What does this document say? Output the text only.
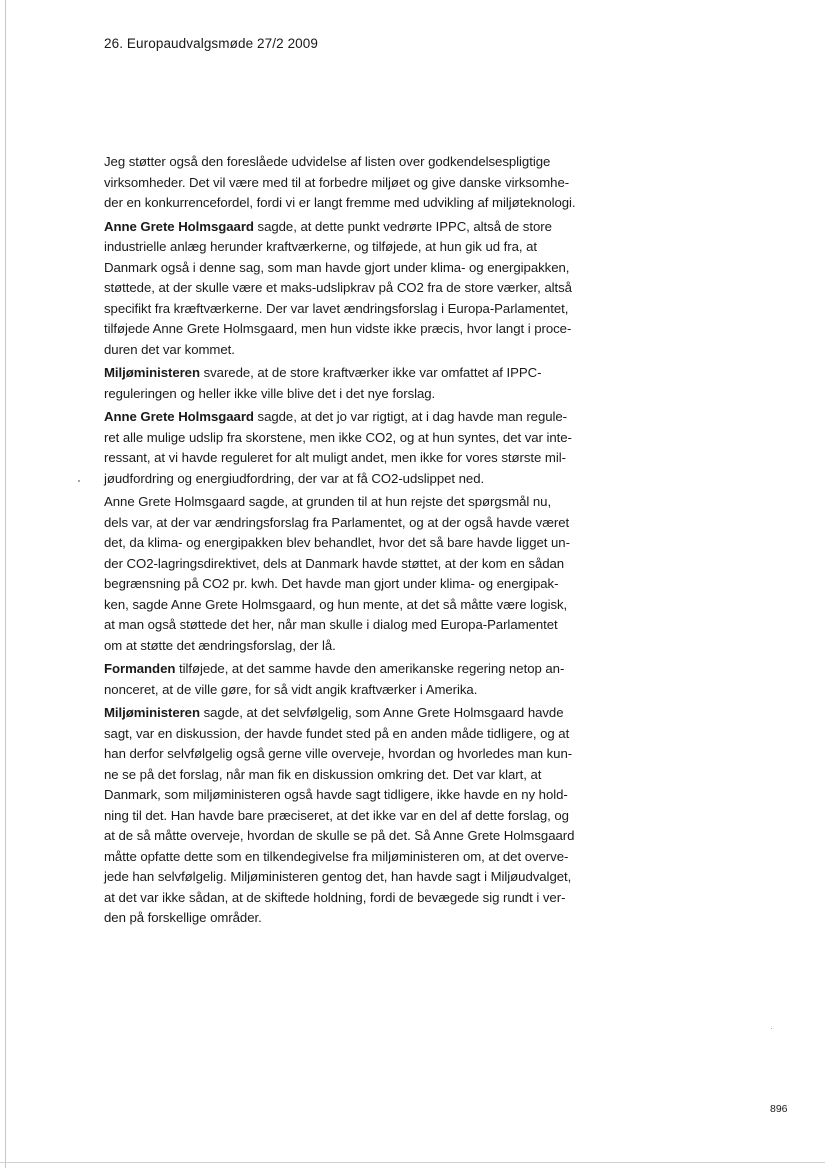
26. Europaudvalgsmøde 27/2 2009

Jeg støtter også den foreslåede udvidelse af listen over godkendelsespligtige
virksomheder. Det vil være med til at forbedre miljøet og give danske virksomhe-
der en konkurrencefordel, fordi vi er langt fremme med udvikling af miljøteknologi.

Anne Grete Holmsgaard sagde, at dette punkt vedrørte IPPC, altså de store
industrielle anlæg herunder kraftværkerne, og tilføjede, at hun gik ud fra, at
Danmark også i denne sag, som man havde gjort under klima- og energipakken,
støttede, at der skulle være et maks-udslipkrav på CO2 fra de store værker, altså
specifikt fra kræftværkerne. Der var lavet ændringsforslag i Europa-Parlamentet,
tilføjede Anne Grete Holmsgaard, men hun vidste ikke præcis, hvor langt i proce-
duren det var kommet.

Miljøministeren svarede, at de store kraftværker ikke var omfattet af IPPC-
reguleringen og heller ikke ville blive det i det nye forslag.

Anne Grete Holmsgaard sagde, at det jo var rigtigt, at i dag havde man regule-
ret alle mulige udslip fra skorstene, men ikke CO2, og at hun syntes, det var inte-
ressant, at vi havde reguleret for alt muligt andet, men ikke for vores største mil-
jøudfordring og energiudfordring, der var at få CO2-udslippet ned.

Anne Grete Holmsgaard sagde, at grunden til at hun rejste det spørgsmål nu,
dels var, at der var ændringsforslag fra Parlamentet, og at der også havde været
det, da klima- og energipakken blev behandlet, hvor det så bare havde ligget un-
der CO2-lagringsdirektivet, dels at Danmark havde støttet, at der kom en sådan
begrænsning på CO2 pr. kwh. Det havde man gjort under klima- og energipak-
ken, sagde Anne Grete Holmsgaard, og hun mente, at det så måtte være logisk,
at man også støttede det her, når man skulle i dialog med Europa-Parlamentet
om at støtte det ændringsforslag, der lå.

Formanden tilføjede, at det samme havde den amerikanske regering netop an-
nonceret, at de ville gøre, for så vidt angik kraftværker i Amerika.

Miljøministeren sagde, at det selvfølgelig, som Anne Grete Holmsgaard havde
sagt, var en diskussion, der havde fundet sted på en anden måde tidligere, og at
han derfor selvfølgelig også gerne ville overveje, hvordan og hvorledes man kun-
ne se på det forslag, når man fik en diskussion omkring det. Det var klart, at
Danmark, som miljøministeren også havde sagt tidligere, ikke havde en ny hold-
ning til det. Han havde bare præciseret, at det ikke var en del af dette forslag, og
at de så måtte overveje, hvordan de skulle se på det. Så Anne Grete Holmsgaard
måtte opfatte dette som en tilkendegivelse fra miljøministeren om, at det overve-
jede han selvfølgelig. Miljøministeren gentog det, han havde sagt i Miljøudvalget,
at det var ikke sådan, at de skiftede holdning, fordi de bevægede sig rundt i ver-
den på forskellige områder.

896
